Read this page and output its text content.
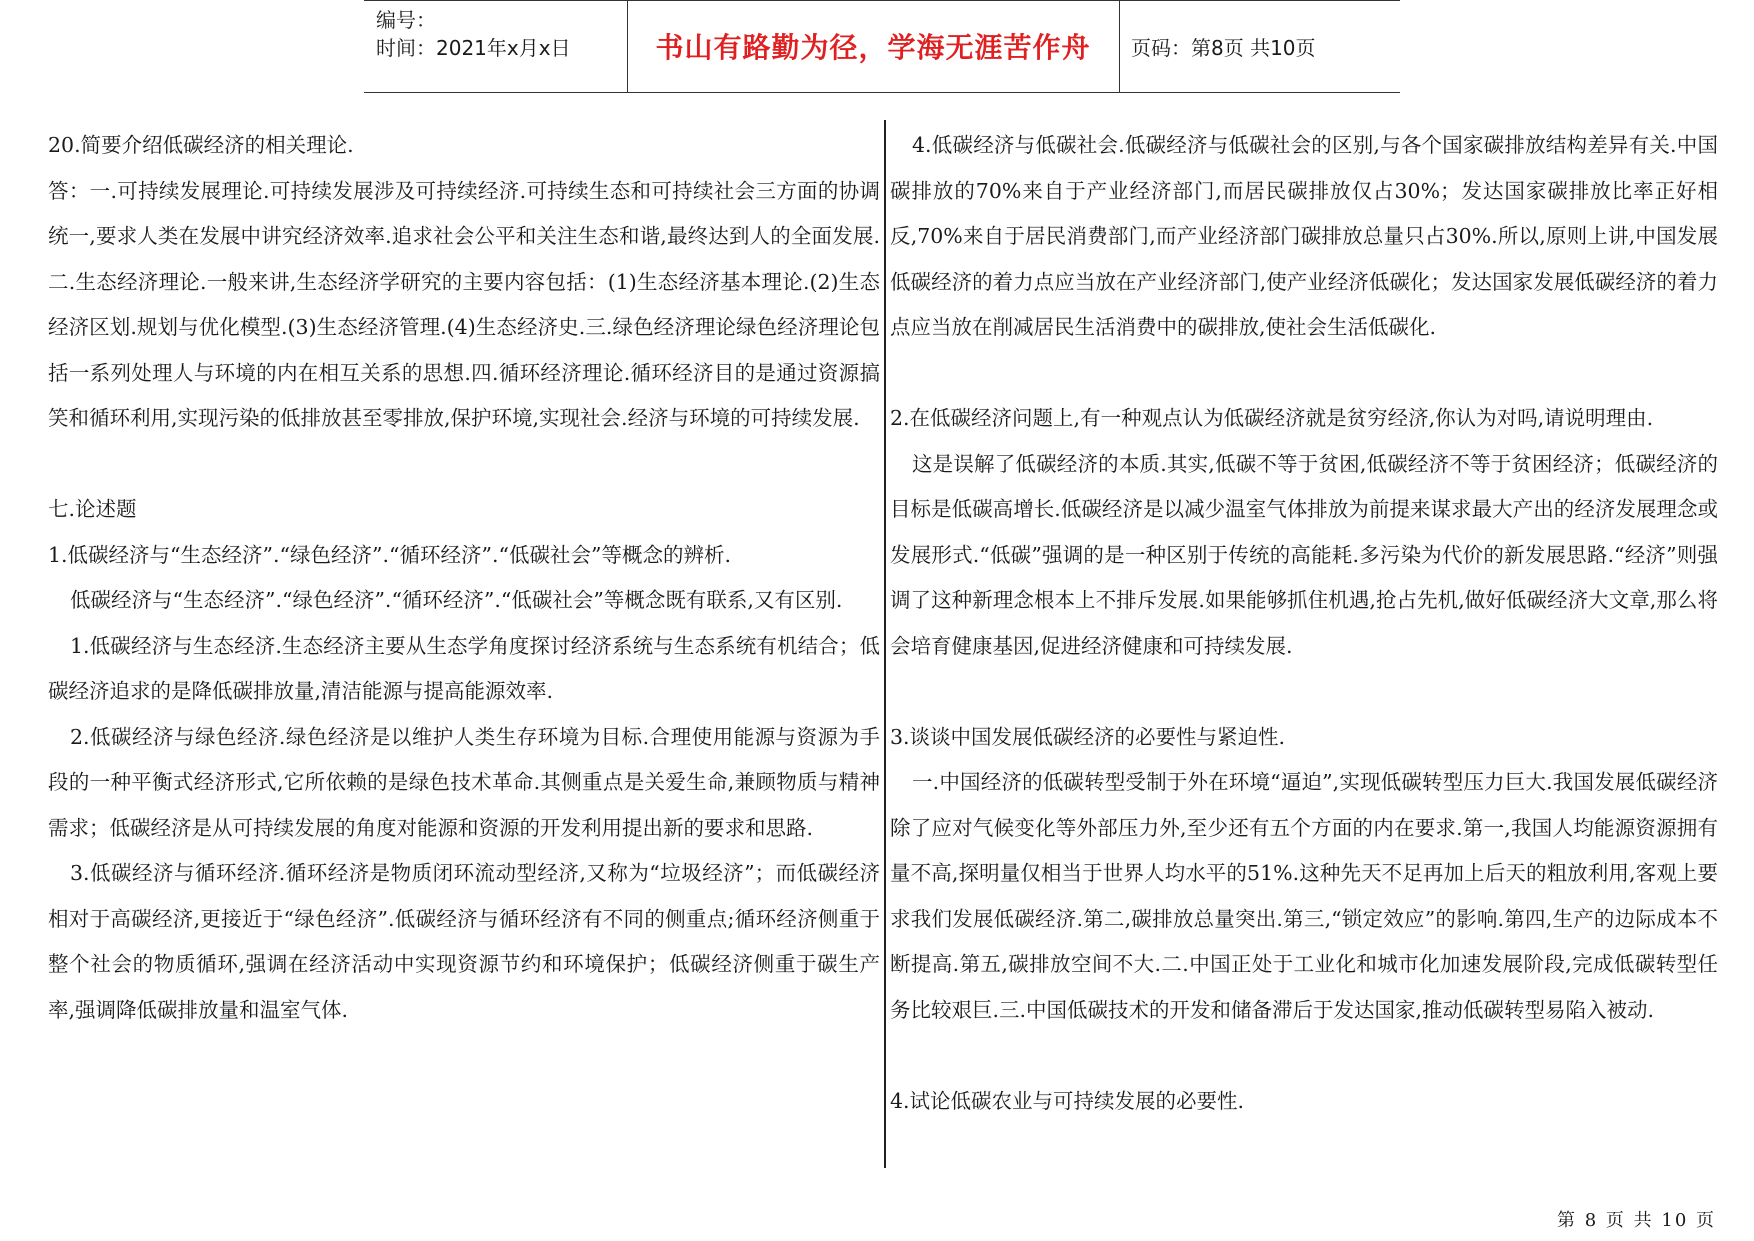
编号：
时间：2021年x月x日	书山有路勤为径，学海无涯苦作舟 页码：第8页 共10页

20.简要介绍低碳经济的相关理论.

答：一.可持续发展理论.可持续发展涉及可持续经济.可持续生态和可持续社会三方面的协调统一,要求人类在发展中讲究经济效率.追求社会公平和关注生态和谐,最终达到人的全面发展.二.生态经济理论.一般来讲,生态经济学研究的主要内容包括：(1)生态经济基本理论.(2)生态经济区划.规划与优化模型.(3)生态经济管理.(4)生态经济史.三.绿色经济理论绿色经济理论包括一系列处理人与环境的内在相互关系的思想.四.循环经济理论.循环经济目的是通过资源搞笑和循环利用,实现污染的低排放甚至零排放,保护环境,实现社会.经济与环境的可持续发展.

七.论述题

1.低碳经济与“生态经济”.“绿色经济”.“循环经济”.“低碳社会”等概念的辨析.

低碳经济与“生态经济”.“绿色经济”.“循环经济”.“低碳社会”等概念既有联系,又有区别.

1.低碳经济与生态经济.生态经济主要从生态学角度探讨经济系统与生态系统有机结合；低碳经济追求的是降低碳排放量,清洁能源与提高能源效率.

2.低碳经济与绿色经济.绿色经济是以维护人类生存环境为目标.合理使用能源与资源为手段的一种平衡式经济形式,它所依赖的是绿色技术革命.其侧重点是关爱生命,兼顾物质与精神需求；低碳经济是从可持续发展的角度对能源和资源的开发利用提出新的要求和思路.

3.低碳经济与循环经济.循环经济是物质闭环流动型经济,又称为“垃圾经济”；而低碳经济相对于高碳经济,更接近于“绿色经济”.低碳经济与循环经济有不同的侧重点;循环经济侧重于整个社会的物质循环,强调在经济活动中实现资源节约和环境保护；低碳经济侧重于碳生产率,强调降低碳排放量和温室气体.

4.低碳经济与低碳社会.低碳经济与低碳社会的区别,与各个国家碳排放结构差异有关.中国碳排放的70%来自于产业经济部门,而居民碳排放仅占30%；发达国家碳排放比率正好相反,70%来自于居民消费部门,而产业经济部门碳排放总量只占30%.所以,原则上讲,中国发展低碳经济的着力点应当放在产业经济部门,使产业经济低碳化；发达国家发展低碳经济的着力点应当放在削减居民生活消费中的碳排放,使社会生活低碳化.

2.在低碳经济问题上,有一种观点认为低碳经济就是贫穷经济,你认为对吗,请说明理由.

这是误解了低碳经济的本质.其实,低碳不等于贫困,低碳经济不等于贫困经济；低碳经济的目标是低碳高增长.低碳经济是以减少温室气体排放为前提来谋求最大产出的经济发展理念或发展形式.“低碳”强调的是一种区别于传统的高能耗.多污染为代价的新发展思路.“经济”则强调了这种新理念根本上不排斥发展.如果能够抓住机遇,抢占先机,做好低碳经济大文章,那么将会培育健康基因,促进经济健康和可持续发展.

3.谈谈中国发展低碳经济的必要性与紧迫性.

一.中国经济的低碳转型受制于外在环境“逼迫”,实现低碳转型压力巨大.我国发展低碳经济除了应对气候变化等外部压力外,至少还有五个方面的内在要求.第一,我国人均能源资源拥有量不高,探明量仅相当于世界人均水平的51%.这种先天不足再加上后天的粗放利用,客观上要求我们发展低碳经济.第二,碳排放总量突出.第三,“锁定效应”的影响.第四,生产的边际成本不断提高.第五,碳排放空间不大.二.中国正处于工业化和城市化加速发展阶段,完成低碳转型任务比较艰巨.三.中国低碳技术的开发和储备滞后于发达国家,推动低碳转型易陷入被动.

4.试论低碳农业与可持续发展的必要性.

第 8 页 共 10 页
